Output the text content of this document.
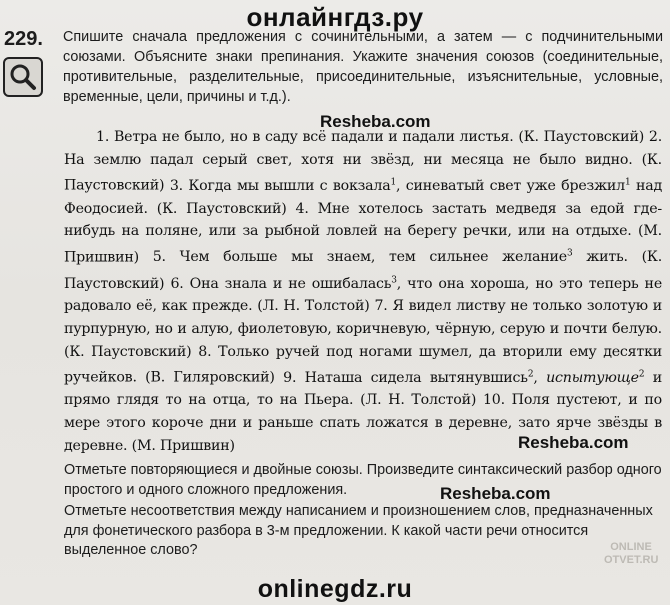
онлайнгдз.ру
229. Спишите сначала предложения с сочинительными, а затем — с подчинительными союзами. Объясните знаки препинания. Укажите значения союзов (соединительные, противительные, разделительные, присоединительные, изъяснительные, условные, временные, цели, причины и т.д.).
Resheba.com

1. Ветра не было, но в саду всё падали и падали листья. (К. Паустовский) 2. На землю падал серый свет, хотя ни звёзд, ни месяца не было видно. (К. Паустовский) 3. Когда мы вышли с вокзала$^1$, синеватый свет уже брезжил$^1$ над Феодосией. (К. Паустовский) 4. Мне хотелось застать медведя за едой где-нибудь на поляне, или за рыбной ловлей на берегу речки, или на отдыхе. (М. Пришвин) 5. Чем больше мы знаем, тем сильнее желание$^3$ жить. (К. Паустовский) 6. Она знала и не ошибалась$^3$, что она хороша, но это теперь не радовало её, как прежде. (Л. Н. Толстой) 7. Я видел листву не только золотую и пурпурную, но и алую, фиолетовую, коричневую, чёрную, серую и почти белую. (К. Паустовский) 8. Только ручей под ногами шумел, да вторили ему десятки ручейков. (В. Гиляровский) 9. Наташа сидела вытянувшись$^2$, испытующе$^2$ и прямо глядя то на отца, то на Пьера. (Л. Н. Толстой) 10. Поля пустеют, и по мере этого короче дни и раньше спать ложатся в деревне, зато ярче звёзды в деревне. (М. Пришвин)	Resheba.com
Отметьте повторяющиеся и двойные союзы. Произведите синтаксический разбор одного простого и одного сложного предложения.	Resheba.com
Отметьте несоответствия между написанием и произношением слов, предназначенных для фонетического разбора в 3-м предложении. К какой части речи относится выделенное слово?	ONLINE
OTVET.RU
onlinegdz.ru
